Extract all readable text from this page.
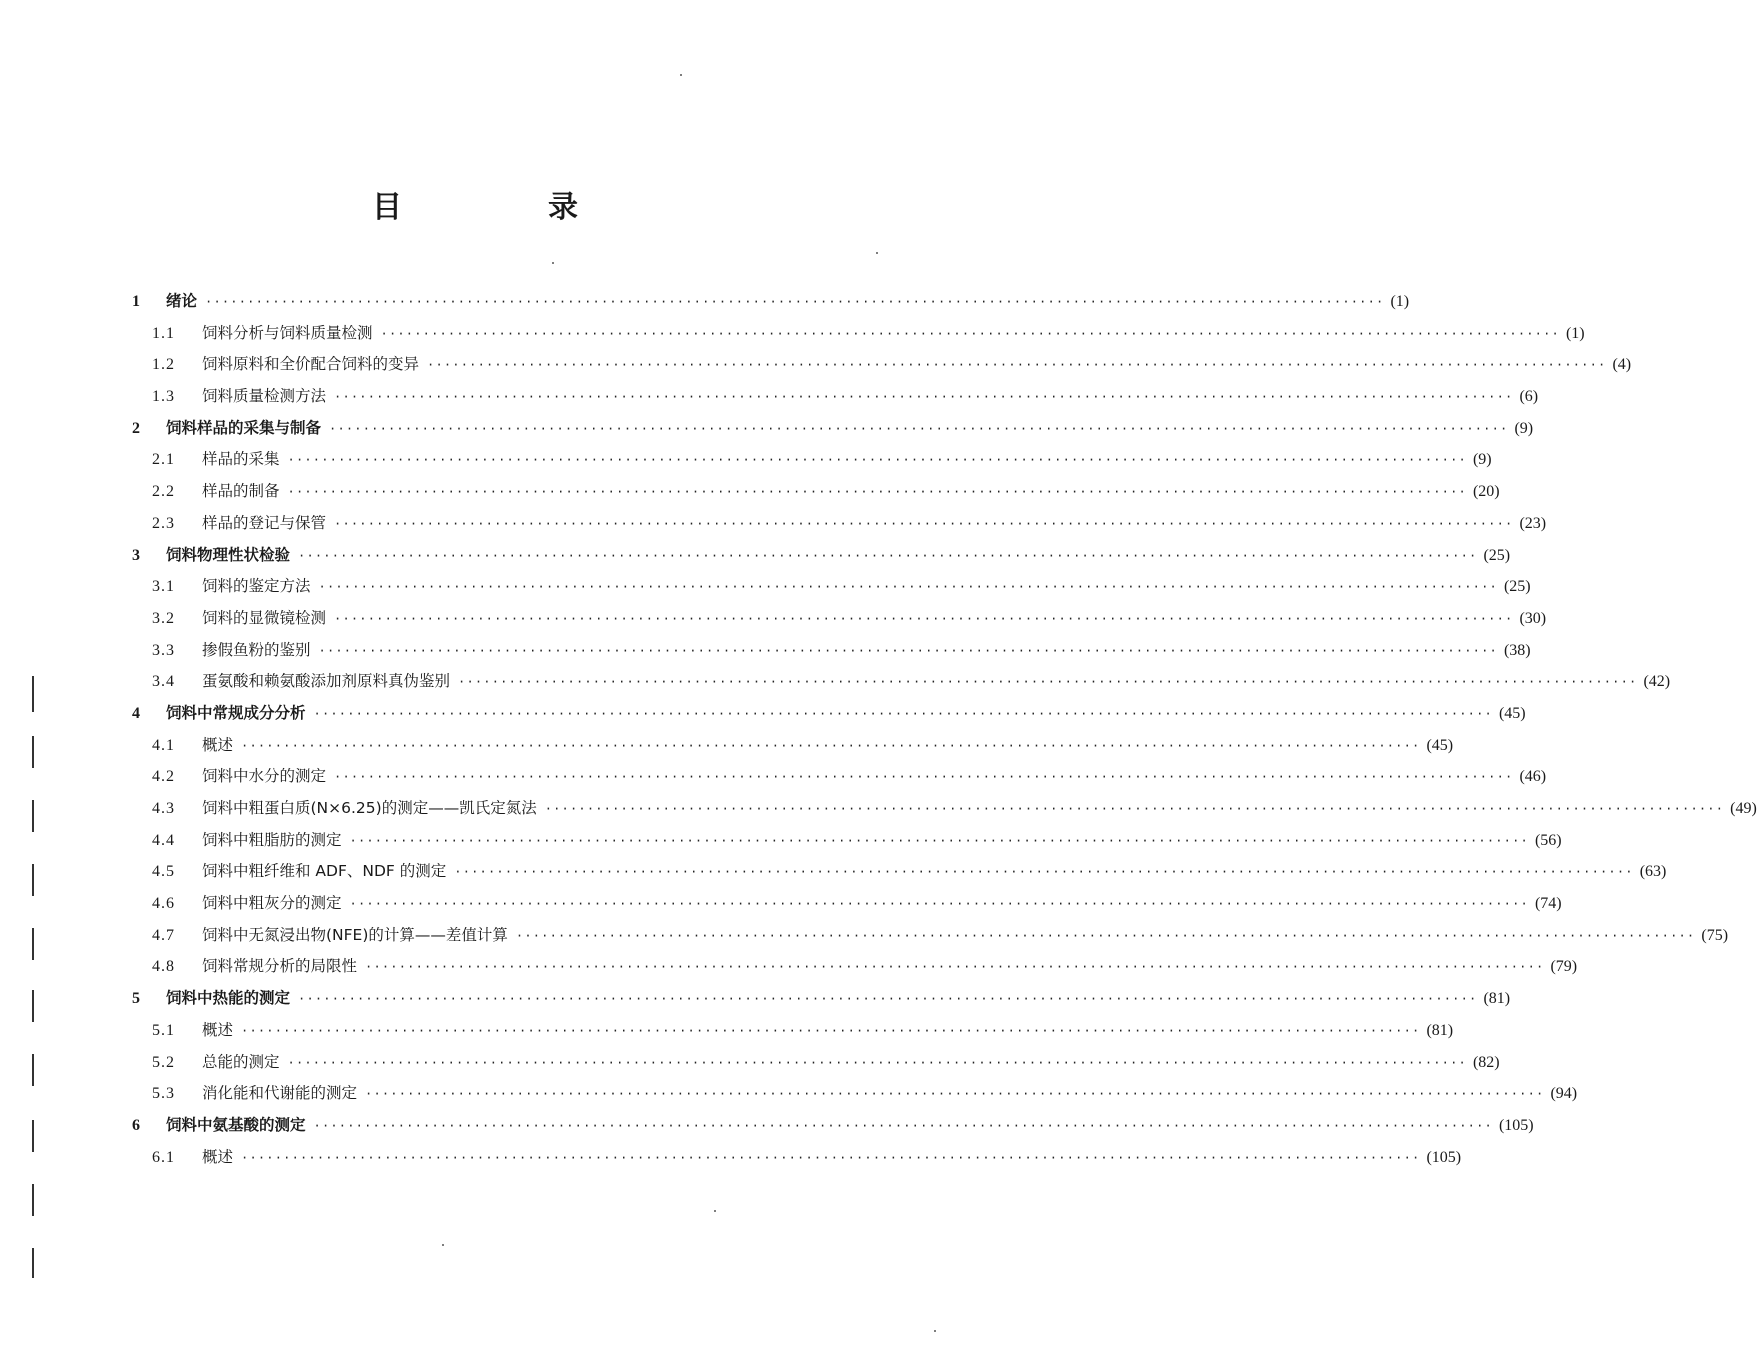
目　录
1	绪论 ············································································································································ (1)
1.1	饲料分析与饲料质量检测 ············································································································································ (1)
1.2	饲料原料和全价配合饲料的变异 ············································································································································ (4)
1.3	饲料质量检测方法 ············································································································································ (6)
2	饲料样品的采集与制备 ············································································································································ (9)
2.1	样品的采集 ············································································································································ (9)
2.2	样品的制备 ············································································································································ (20)
2.3	样品的登记与保管 ············································································································································ (23)
3	饲料物理性状检验 ············································································································································ (25)
3.1	饲料的鉴定方法 ············································································································································ (25)
3.2	饲料的显微镜检测 ············································································································································ (30)
3.3	掺假鱼粉的鉴别 ············································································································································ (38)
3.4	蛋氨酸和赖氨酸添加剂原料真伪鉴别 ············································································································································ (42)
4	饲料中常规成分分析 ············································································································································ (45)
4.1	概述 ············································································································································ (45)
4.2	饲料中水分的测定 ············································································································································ (46)
4.3	饲料中粗蛋白质(N×6.25)的测定——凯氏定氮法 ············································································································································ (49)
4.4	饲料中粗脂肪的测定 ············································································································································ (56)
4.5	饲料中粗纤维和 ADF、NDF 的测定 ············································································································································ (63)
4.6	饲料中粗灰分的测定 ············································································································································ (74)
4.7	饲料中无氮浸出物(NFE)的计算——差值计算 ············································································································································ (75)
4.8	饲料常规分析的局限性 ············································································································································ (79)
5	饲料中热能的测定 ············································································································································ (81)
5.1	概述 ············································································································································ (81)
5.2	总能的测定 ············································································································································ (82)
5.3	消化能和代谢能的测定 ············································································································································ (94)
6	饲料中氨基酸的测定 ············································································································································ (105)
6.1	概述 ············································································································································ (105)
